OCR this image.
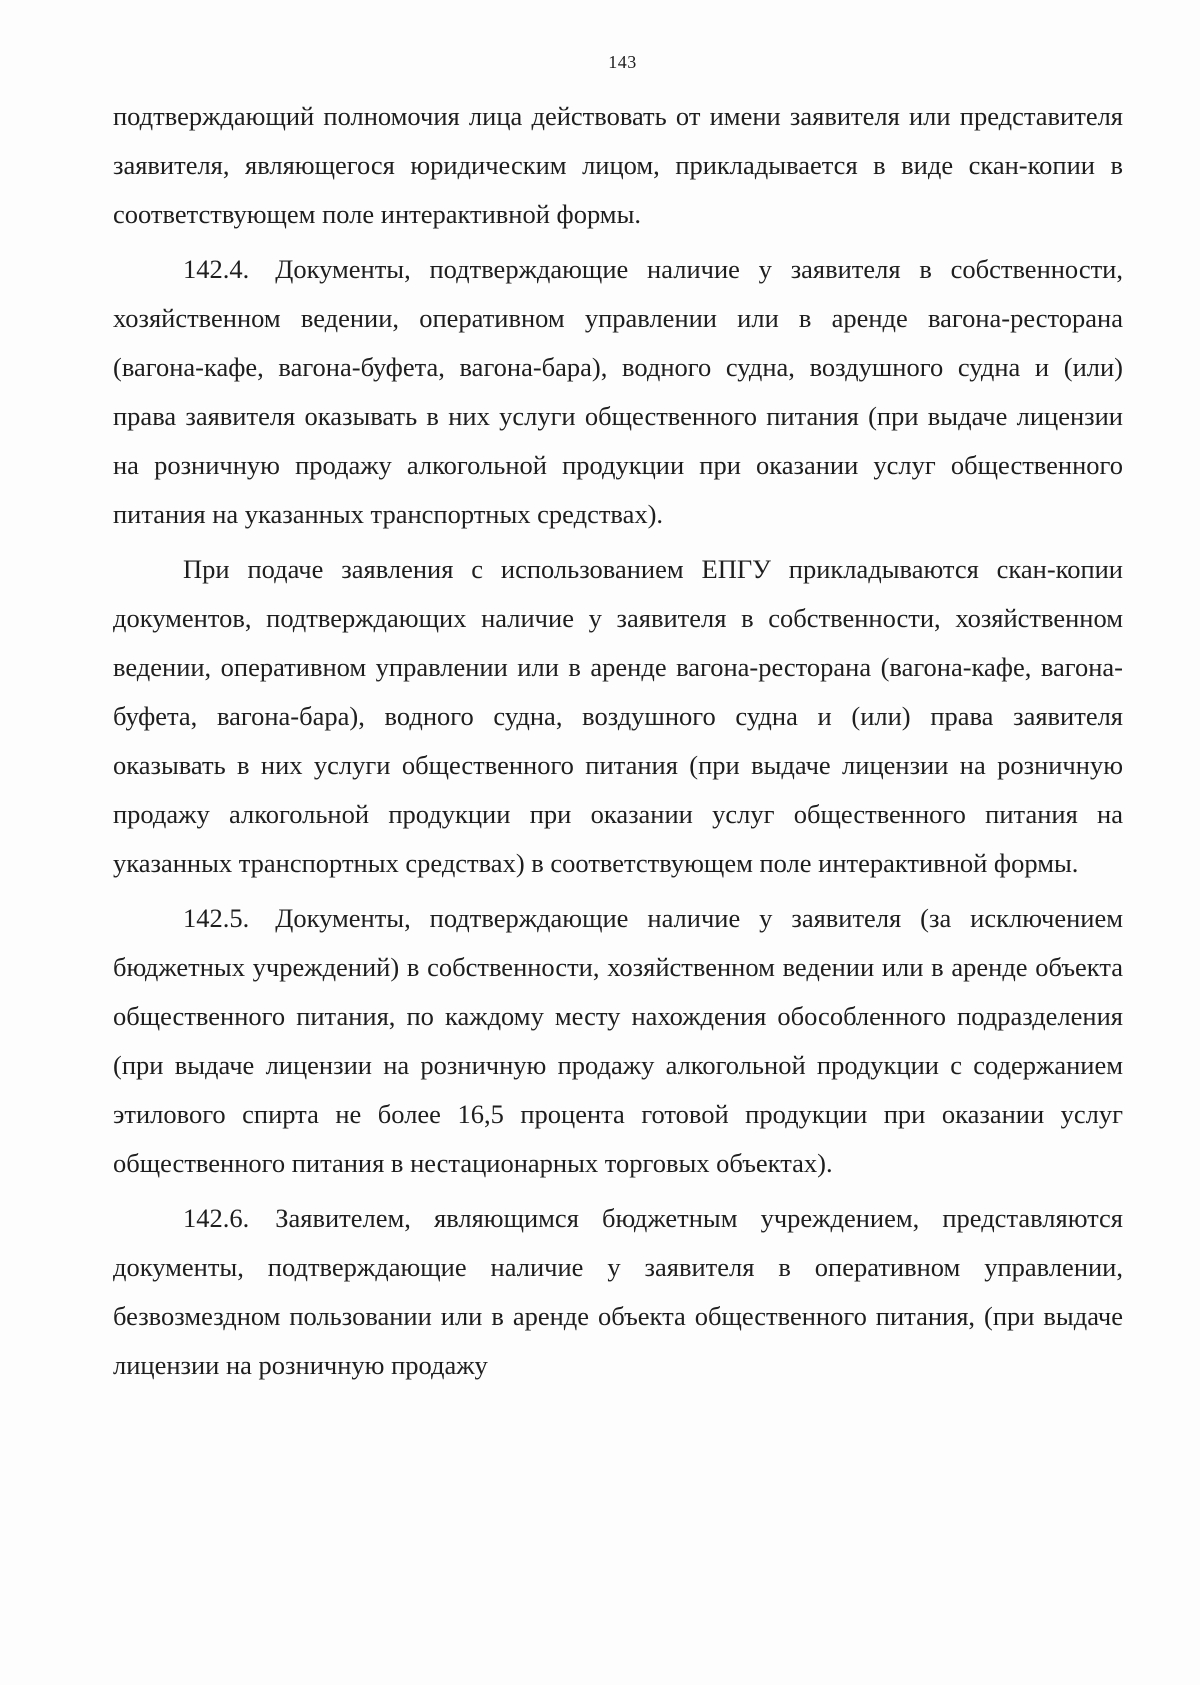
143

подтверждающий полномочия лица действовать от имени заявителя или представителя заявителя, являющегося юридическим лицом, прикладывается в виде скан-копии в соответствующем поле интерактивной формы.

142.4. Документы, подтверждающие наличие у заявителя в собственности, хозяйственном ведении, оперативном управлении или в аренде вагона-ресторана (вагона-кафе, вагона-буфета, вагона-бара), водного судна, воздушного судна и (или) права заявителя оказывать в них услуги общественного питания (при выдаче лицензии на розничную продажу алкогольной продукции при оказании услуг общественного питания на указанных транспортных средствах).

При подаче заявления с использованием ЕПГУ прикладываются скан-копии документов, подтверждающих наличие у заявителя в собственности, хозяйственном ведении, оперативном управлении или в аренде вагона-ресторана (вагона-кафе, вагона-буфета, вагона-бара), водного судна, воздушного судна и (или) права заявителя оказывать в них услуги общественного питания (при выдаче лицензии на розничную продажу алкогольной продукции при оказании услуг общественного питания на указанных транспортных средствах) в соответствующем поле интерактивной формы.

142.5. Документы, подтверждающие наличие у заявителя (за исключением бюджетных учреждений) в собственности, хозяйственном ведении или в аренде объекта общественного питания, по каждому месту нахождения обособленного подразделения (при выдаче лицензии на розничную продажу алкогольной продукции с содержанием этилового спирта не более 16,5 процента готовой продукции при оказании услуг общественного питания в нестационарных торговых объектах).

142.6. Заявителем, являющимся бюджетным учреждением, представляются документы, подтверждающие наличие у заявителя в оперативном управлении, безвозмездном пользовании или в аренде объекта общественного питания, (при выдаче лицензии на розничную продажу
